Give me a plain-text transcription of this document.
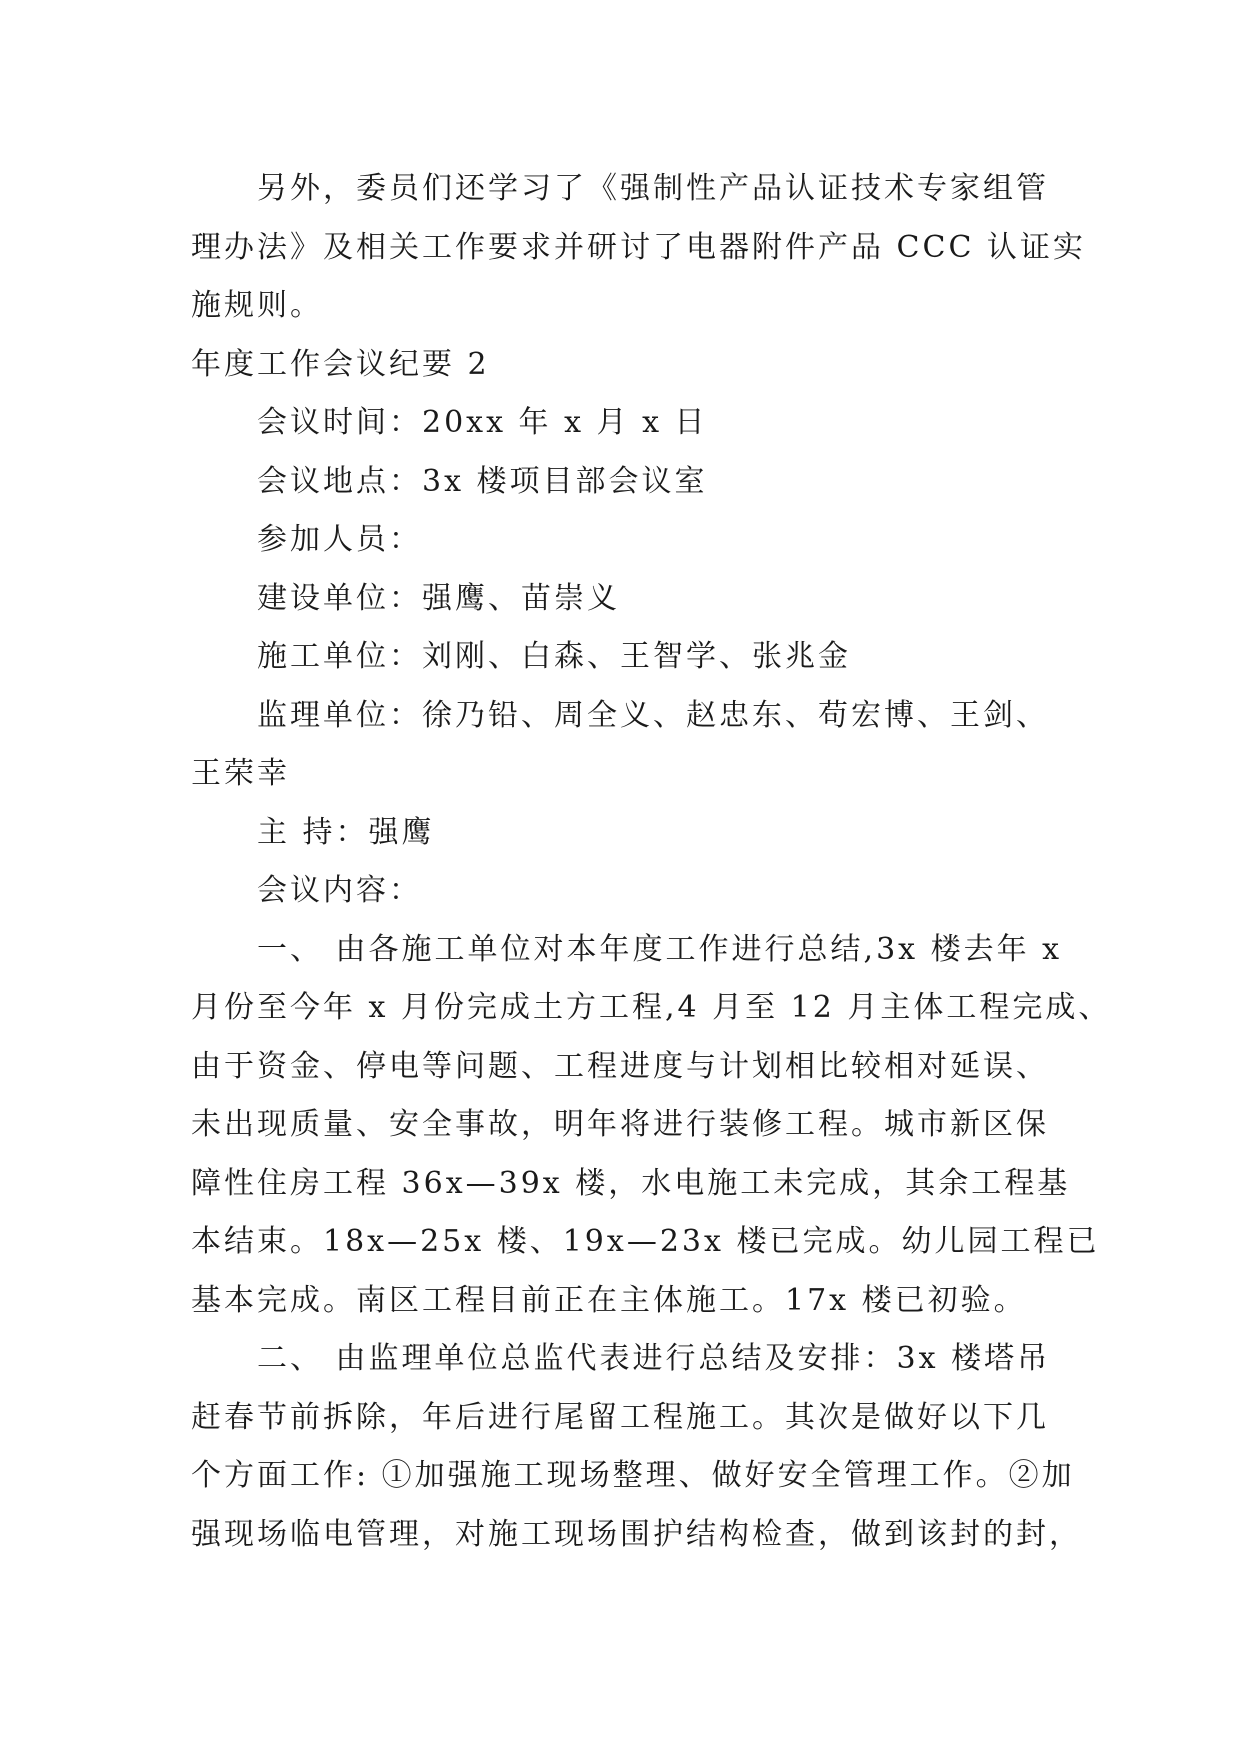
另外，委员们还学习了《强制性产品认证技术专家组管
理办法》及相关工作要求并研讨了电器附件产品 CCC 认证实
施规则。
年度工作会议纪要 2
会议时间：20xx 年 x 月 x 日
会议地点：3x 楼项目部会议室
参加人员：
建设单位：强鹰、苗崇义
施工单位：刘刚、白森、王智学、张兆金
监理单位：徐乃铅、周全义、赵忠东、苟宏博、王剑、
王荣幸
主 持：强鹰
会议内容：
一、 由各施工单位对本年度工作进行总结,3x 楼去年 x
月份至今年 x 月份完成土方工程,4 月至 12 月主体工程完成、
由于资金、停电等问题、工程进度与计划相比较相对延误、
未出现质量、安全事故，明年将进行装修工程。城市新区保
障性住房工程 36x—39x 楼，水电施工未完成，其余工程基
本结束。18x—25x 楼、19x—23x 楼已完成。幼儿园工程已
基本完成。南区工程目前正在主体施工。17x 楼已初验。
二、 由监理单位总监代表进行总结及安排：3x 楼塔吊
赶春节前拆除，年后进行尾留工程施工。其次是做好以下几
个方面工作: ①加强施工现场整理、做好安全管理工作。②加
强现场临电管理，对施工现场围护结构检查，做到该封的封，
